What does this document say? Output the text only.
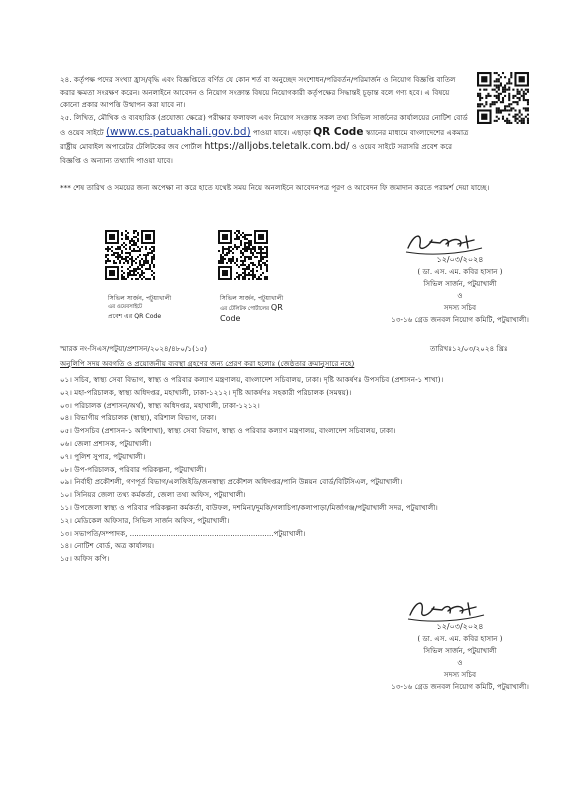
২৪. কর্তৃপক্ষ পদের সংখ্যা হ্রাস/বৃদ্ধি এবং বিজ্ঞপ্তিতে বর্ণিত যে কোন শর্ত বা অনুচ্ছেদ সংশোধন/পরিবর্তন/পরিমার্জন ও নিয়োগ বিজ্ঞপ্তি বাতিল করার ক্ষমতা সংরক্ষণ করেন। অনলাইনে আবেদন ও নিয়োগ সংক্রান্ত বিষয়ে নিয়োগকারী কর্তৃপক্ষের সিদ্ধান্তই চূড়ান্ত বলে গণ্য হবে। এ বিষয়ে কোনো প্রকার আপত্তি উত্থাপন করা যাবে না।
২৫. লিখিত, মৌখিক ও ব্যবহারিক (প্রযোজ্য ক্ষেত্রে) পরীক্ষার ফলাফল এবং নিয়োগ সংক্রান্ত সকল তথ্য সিভিল সার্জনের কার্যালয়ের নোটিশ বোর্ড ও ওয়েব সাইটে (www.cs.patuakhali.gov.bd) পাওয়া যাবে। এছাড়া QR Code স্ক্যানের মাধ্যমে বাংলাদেশের একমাত্র রাষ্ট্রীয় মোবাইল অপারেটর টেলিটকের জব পোর্টাল https://alljobs.teletalk.com.bd/ ও ওয়েব সাইটে সরাসরি প্রবেশ করে বিজ্ঞপ্তি ও অন্যান্য তথ্যাদি পাওয়া যাবে।
*** শেষ তারিখ ও সময়ের জন্য অপেক্ষা না করে হাতে যথেষ্ট সময় নিয়ে অনলাইনে আবেদনপত্র পূরণ ও আবেদন ফি জমাদান করতে পরামর্শ দেয়া যাচ্ছে।
সিভিল সার্জন, পটুয়াখালী
এর ওয়েবসাইটে
প্রবেশ এর QR Code
সিভিল সার্জন, পটুয়াখালী
এর টেলিটক পোর্টালের QR
Code
১২/০৩/২০২৪
( ডা. এস. এম. কবির হাসান )
সিভিল সার্জন, পটুয়াখালী
ও
সদস্য সচিব
১৩-১৬ গ্রেড জনবল নিয়োগ কমিটি, পটুয়াখালী।
স্মারক নং-সিএস/পটুয়া/প্রশাসন/২০২৪/৪৮০/১(১৫)	তারিখঃ১২/০৩/২০২৪ খ্রিঃ
অনুলিপি সদয় অবগতি ও প্রয়োজনীয় ব্যবস্থা গ্রহণের জন্য প্রেরণ করা হলোঃ (জেষ্ঠতার ক্রমানুসারে নহে)
০১। সচিব, স্বাস্থ্য সেবা বিভাগ, স্বাস্থ্য ও পরিবার কল্যাণ মন্ত্রণালয়, বাংলাদেশ সচিবালয়, ঢাকা। দৃষ্টি আকর্ষণঃ উপসচিব (প্রশাসন-১ শাখা)।
০২। মহা-পরিচালক, স্বাস্থ্য অধিদপ্তর, মহাখালী, ঢাকা-১২১২। দৃষ্টি আকর্ষণঃ সহকারী পরিচালক (সমন্বয়)।
০৩। পরিচালক (প্রশাসন/অর্থ), স্বাস্থ্য অধিদপ্তর, মহাখালী, ঢাকা-১২১২।
০৪। বিভাগীয় পরিচালক (স্বাস্থ্য), বরিশাল বিভাগ, ঢাকা।
০৫। উপসচিব (প্রশাসন-১ অধিশাখা), স্বাস্থ্য সেবা বিভাগ, স্বাস্থ্য ও পরিবার কল্যাণ মন্ত্রণালয়, বাংলাদেশ সচিবালয়, ঢাকা।
০৬। জেলা প্রশাসক, পটুয়াখালী।
০৭। পুলিশ সুপার, পটুয়াখালী।
০৮। উপ-পরিচালক, পরিবার পরিকল্পনা, পটুয়াখালী।
০৯। নির্বাহী প্রকৌশলী, গণপূর্ত বিভাগ/এলজিইডি/জনস্বাস্থ্য প্রকৌশল অধিদপ্তর/পানি উন্নয়ন বোর্ড/বিটিসিএল, পটুয়াখালী।
১০। সিনিয়র জেলা তথ্য কর্মকর্তা, জেলা তথ্য অফিস, পটুয়াখালী।
১১। উপজেলা স্বাস্থ্য ও পরিবার পরিকল্পনা কর্মকর্তা, বাউফল, দশমিনা/দুমকি/গলাচিপা/কলাপাড়া/মির্জাগঞ্জ/পটুয়াখালী সদর, পটুয়াখালী।
১২। মেডিকেল অফিসার, সিভিল সার্জন অফিস, পটুয়াখালী।
১৩। সভাপতি/সম্পাদক, ...............................................................পটুয়াখালী।
১৪। নোটিশ বোর্ড, অত্র কার্যালয়।
১৫। অফিস কপি।
১২/০৩/২০২৪
( ডা. এস. এম. কবির হাসান )
সিভিল সার্জন, পটুয়াখালী
ও
সদস্য সচিব
১৩-১৬ গ্রেড জনবল নিয়োগ কমিটি, পটুয়াখালী।
